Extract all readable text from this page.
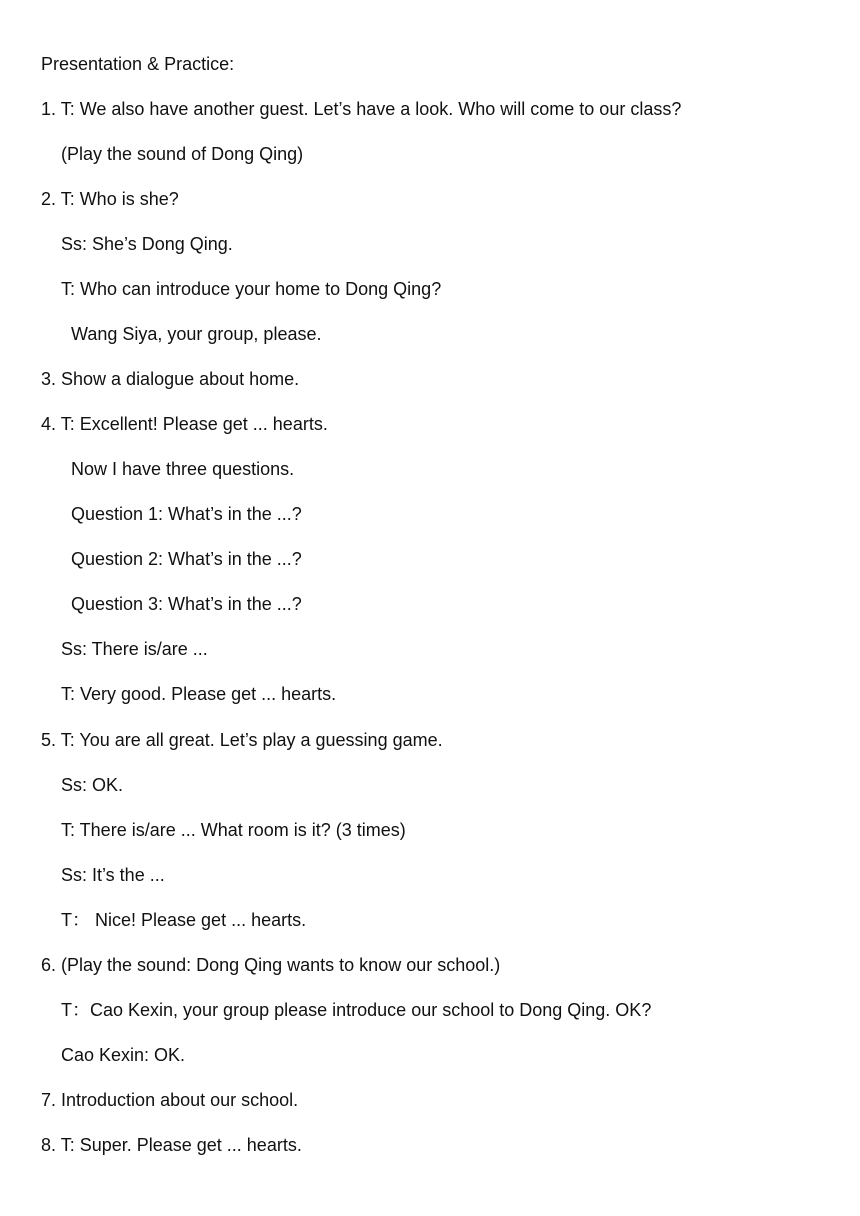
Presentation & Practice:
1. T: We also have another guest. Let’s have a look. Who will come to our class?
(Play the sound of Dong Qing)
2. T: Who is she?
Ss: She’s Dong Qing.
T: Who can introduce your home to Dong Qing?
Wang Siya, your group, please.
3. Show a dialogue about home.
4. T: Excellent! Please get ... hearts.
Now I have three questions.
Question 1: What’s in the ...?
Question 2: What’s in the ...?
Question 3: What’s in the ...?
Ss: There is/are ...
T: Very good. Please get ... hearts.
5. T: You are all great. Let’s play a guessing game.
Ss: OK.
T: There is/are ... What room is it? (3 times)
Ss: It’s the ...
T： Nice! Please get ... hearts.
6. (Play the sound: Dong Qing wants to know our school.)
T：Cao Kexin, your group please introduce our school to Dong Qing. OK?
Cao Kexin: OK.
7. Introduction about our school.
8. T: Super. Please get ... hearts.
